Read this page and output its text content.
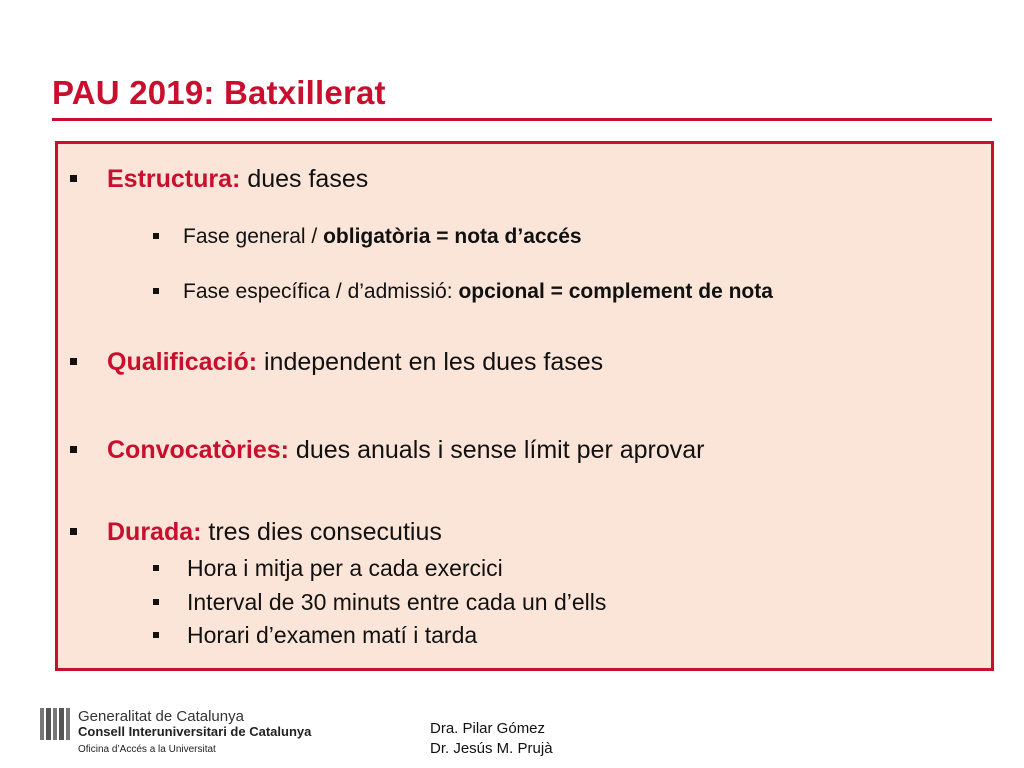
PAU 2019: Batxillerat
Estructura: dues fases
Fase general / obligatòria = nota d’accés
Fase específica / d’admissió: opcional = complement de nota
Qualificació: independent en les dues fases
Convocatòries: dues anuals i sense límit per aprovar
Durada: tres dies consecutius
Hora i mitja per a cada exercici
Interval de 30 minuts entre cada un d’ells
Horari d’examen matí i tarda
Generalitat de Catalunya
Consell Interuniversitari de Catalunya
Oficina d’Accés a la Universitat
Dra. Pilar Gómez
Dr. Jesús M. Prujà
